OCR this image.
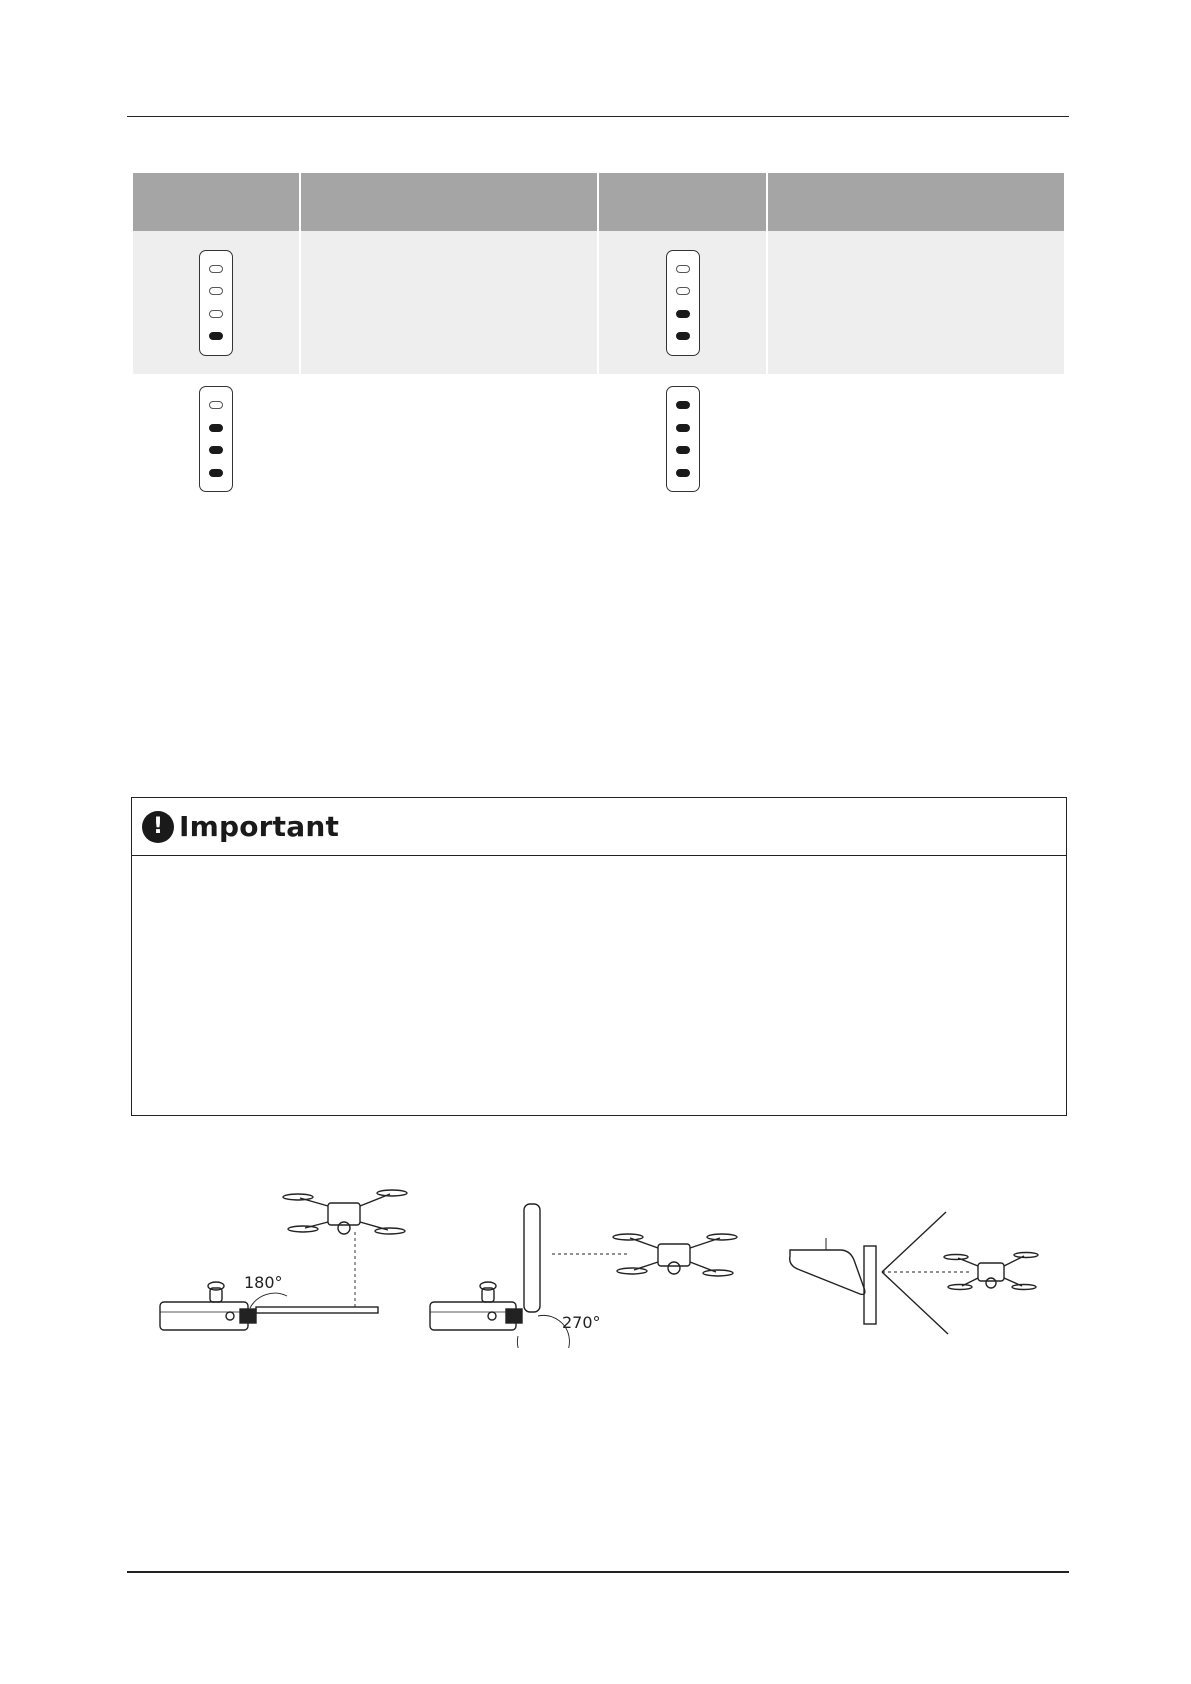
! Important
180°
270°
